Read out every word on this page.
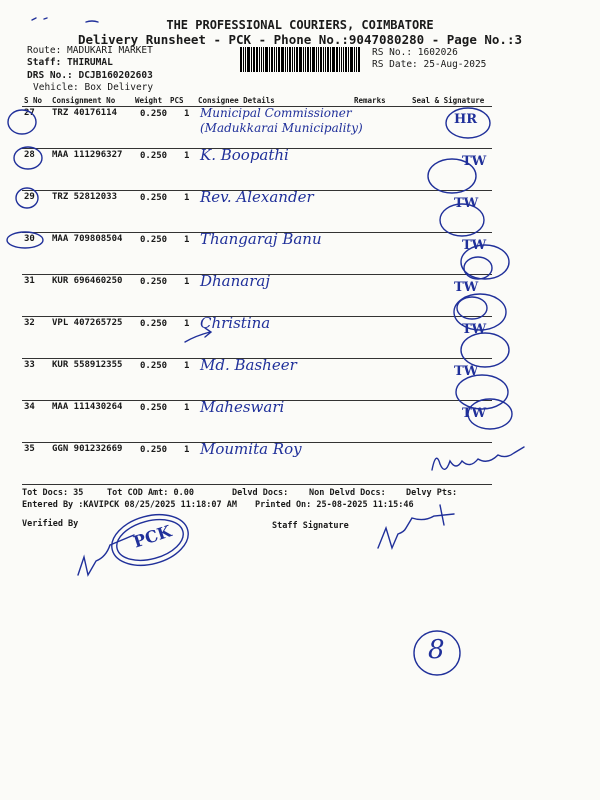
THE PROFESSIONAL COURIERS, COIMBATORE
Delivery Runsheet - PCK - Phone No.:9047080280 - Page No.:3
Route: MADUKARI MARKET
Staff: THIRUMAL
DRS No.: DCJB160202603
Vehicle: Box Delivery
RS No.: 1602026
RS Date: 25-Aug-2025
S No Consignment No	Weight PCS Consignee Details	Remarks	Seal & Signature
27 TRZ 40176114	0.250 1 Municipal Commissioner (Madukkarai Municipality)
HR
28 MAA 111296327 0.250 1 K. Boopathi	TW
29 TRZ 52812033	0.250 1 Rev. Alexander	TW
30 MAA 709808504 0.250 1 Thangaraj Banu	TW
31 KUR 696460250 0.250 1 Dhanaraj	TW
32 VPL 407265725 0.250 1 Christina	TW
33 KUR 558912355 0.250 1 Md. Basheer	TW
34 MAA 111430264 0.250 1 Maheswari	TW
35 GGN 901232669 0.250 1 Moumita Roy
Tot Docs: 35	Tot COD Amt: 0.00	Delvd Docs: Non Delvd Docs: Delvy Pts:
Entered By :KAVIPCK 08/25/2025 11:18:07 AM Printed On: 25-08-2025 11:15:46
Verified By	Staff Signature
PCK
8
